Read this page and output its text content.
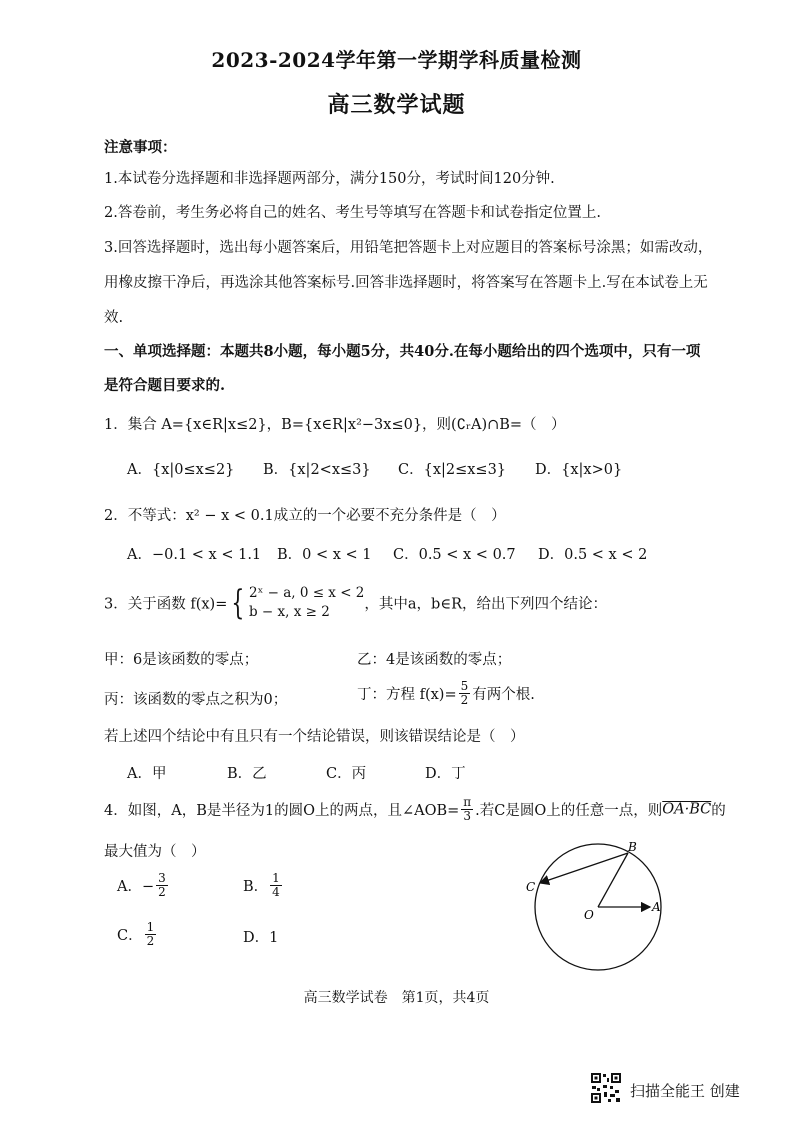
2023-2024学年第一学期学科质量检测
高三数学试题
注意事项：
1.本试卷分选择题和非选择题两部分，满分150分，考试时间120分钟.
2.答卷前，考生务必将自己的姓名、考生号等填写在答题卡和试卷指定位置上.
3.回答选择题时，选出每小题答案后，用铅笔把答题卡上对应题目的答案标号涂黑；如需改动，
用橡皮擦干净后，再选涂其他答案标号.回答非选择题时，将答案写在答题卡上.写在本试卷上无
效.
一、单项选择题：本题共8小题，每小题5分，共40分.在每小题给出的四个选项中，只有一项
是符合题目要求的.
1．集合 A={x∈R|x≤2}，B={x∈R|x²−3x≤0}，则(∁ᵣA)∩B=（　）
A．{x|0≤x≤2} B．{x|2<x≤3} C．{x|2≤x≤3} D．{x|x>0}
2．不等式：x² − x < 0.1成立的一个必要不充分条件是（　）
A．−0.1 < x < 1.1 B．0 < x < 1 C．0.5 < x < 0.7 D．0.5 < x < 2
3．关于函数 f(x)= { 2ˣ − a, 0 ≤ x < 2
b − x, x ≥ 2	，其中a，b∈R，给出下列四个结论：
甲：6是该函数的零点；	乙：4是该函数的零点；
丙：该函数的零点之积为0；	丁：方程 $f(x)= \frac{5}{2}$ 有两个根.
若上述四个结论中有且只有一个结论错误，则该错误结论是（　）
A．甲	B．乙	C．丙	D．丁
4．如图，A，B是半径为1的圆O上的两点，且∠AOB= $\frac{\pi}{3}$ .若C是圆O上的任意一点，则OA·BC的
最大值为（　）
A．− $\frac{3}{2}$	B． $\frac{1}{4}$
C． $\frac{1}{2}$	D．1
O
A
B
C
高三数学试卷　第1页，共4页
扫描全能王 创建
